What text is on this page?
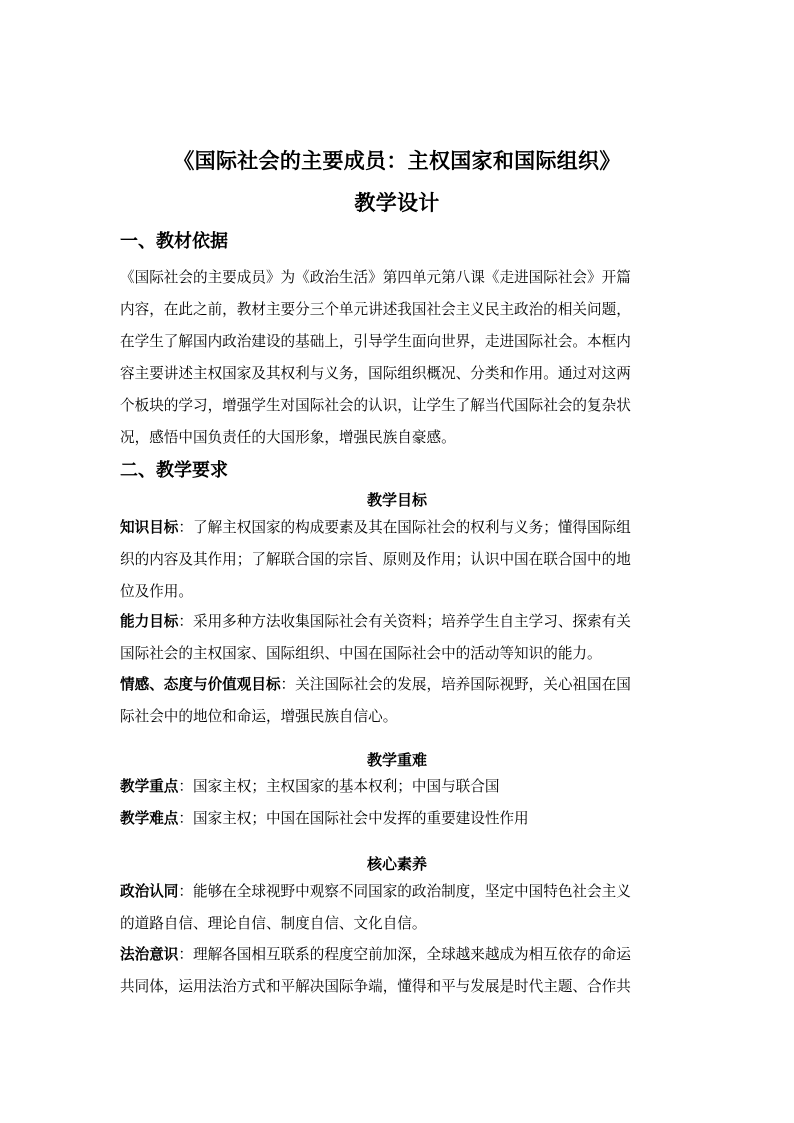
《国际社会的主要成员：主权国家和国际组织》
教学设计
一、教材依据
《国际社会的主要成员》为《政治生活》第四单元第八课《走进国际社会》开篇
内容，在此之前，教材主要分三个单元讲述我国社会主义民主政治的相关问题，
在学生了解国内政治建设的基础上，引导学生面向世界，走进国际社会。本框内
容主要讲述主权国家及其权利与义务，国际组织概况、分类和作用。通过对这两
个板块的学习，增强学生对国际社会的认识，让学生了解当代国际社会的复杂状
况，感悟中国负责任的大国形象，增强民族自豪感。
二、教学要求
教学目标
知识目标：了解主权国家的构成要素及其在国际社会的权利与义务；懂得国际组
织的内容及其作用；了解联合国的宗旨、原则及作用；认识中国在联合国中的地
位及作用。
能力目标：采用多种方法收集国际社会有关资料；培养学生自主学习、探索有关
国际社会的主权国家、国际组织、中国在国际社会中的活动等知识的能力。
情感、态度与价值观目标：关注国际社会的发展，培养国际视野，关心祖国在国
际社会中的地位和命运，增强民族自信心。
教学重难
教学重点：国家主权；主权国家的基本权利；中国与联合国
教学难点：国家主权；中国在国际社会中发挥的重要建设性作用
核心素养
政治认同：能够在全球视野中观察不同国家的政治制度，坚定中国特色社会主义
的道路自信、理论自信、制度自信、文化自信。
法治意识：理解各国相互联系的程度空前加深，全球越来越成为相互依存的命运
共同体，运用法治方式和平解决国际争端，懂得和平与发展是时代主题、合作共
